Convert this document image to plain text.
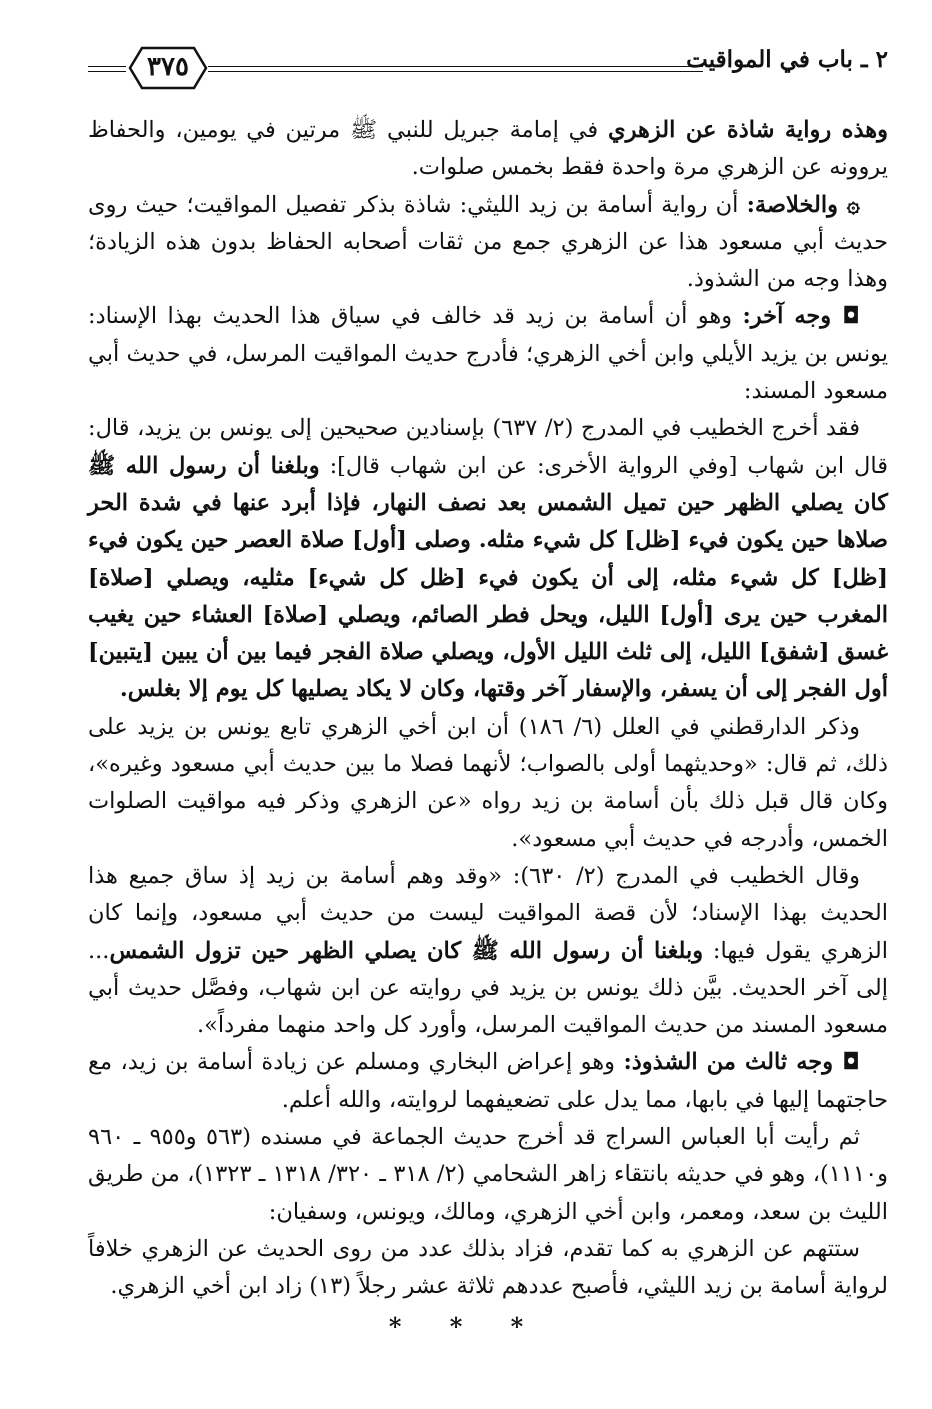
٢ ـ باب في المواقيت
٣٧٥

وهذه رواية شاذة عن الزهري في إمامة جبريل للنبي ﷺ مرتين في يومين، والحفاظ يروونه عن الزهري مرة واحدة فقط بخمس صلوات.

۞ والخلاصة: أن رواية أسامة بن زيد الليثي: شاذة بذكر تفصيل المواقيت؛ حيث روى حديث أبي مسعود هذا عن الزهري جمع من ثقات أصحابه الحفاظ بدون هذه الزيادة؛ وهذا وجه من الشذوذ.

◘ وجه آخر: وهو أن أسامة بن زيد قد خالف في سياق هذا الحديث بهذا الإسناد: يونس بن يزيد الأيلي وابن أخي الزهري؛ فأدرج حديث المواقيت المرسل، في حديث أبي مسعود المسند:

فقد أخرج الخطيب في المدرج (٢/ ٦٣٧) بإسنادين صحيحين إلى يونس بن يزيد، قال: قال ابن شهاب [وفي الرواية الأخرى: عن ابن شهاب قال]: وبلغنا أن رسول الله ﷺ كان يصلي الظهر حين تميل الشمس بعد نصف النهار، فإذا أبرد عنها في شدة الحر صلاها حين يكون فيء [ظل] كل شيء مثله. وصلى [أول] صلاة العصر حين يكون فيء [ظل] كل شيء مثله، إلى أن يكون فيء [ظل كل شيء] مثليه، ويصلي [صلاة] المغرب حين يرى [أول] الليل، ويحل فطر الصائم، ويصلي [صلاة] العشاء حين يغيب غسق [شفق] الليل، إلى ثلث الليل الأول، ويصلي صلاة الفجر فيما بين أن يبين [يتبين] أول الفجر إلى أن يسفر، والإسفار آخر وقتها، وكان لا يكاد يصليها كل يوم إلا بغلس.

وذكر الدارقطني في العلل (٦/ ١٨٦) أن ابن أخي الزهري تابع يونس بن يزيد على ذلك، ثم قال: «وحديثهما أولى بالصواب؛ لأنهما فصلا ما بين حديث أبي مسعود وغيره»، وكان قال قبل ذلك بأن أسامة بن زيد رواه «عن الزهري وذكر فيه مواقيت الصلوات الخمس، وأدرجه في حديث أبي مسعود».

وقال الخطيب في المدرج (٢/ ٦٣٠): «وقد وهم أسامة بن زيد إذ ساق جميع هذا الحديث بهذا الإسناد؛ لأن قصة المواقيت ليست من حديث أبي مسعود، وإنما كان الزهري يقول فيها: وبلغنا أن رسول الله ﷺ كان يصلي الظهر حين تزول الشمس... إلى آخر الحديث. بيَّن ذلك يونس بن يزيد في روايته عن ابن شهاب، وفصَّل حديث أبي مسعود المسند من حديث المواقيت المرسل، وأورد كل واحد منهما مفرداً».

◘ وجه ثالث من الشذوذ: وهو إعراض البخاري ومسلم عن زيادة أسامة بن زيد، مع حاجتهما إليها في بابها، مما يدل على تضعيفهما لروايته، والله أعلم.

ثم رأيت أبا العباس السراج قد أخرج حديث الجماعة في مسنده (٥٦٣ و٩٥٥ ـ ٩٦٠ و١١١٠)، وهو في حديثه بانتقاء زاهر الشحامي (٢/ ٣١٨ ـ ٣٢٠/ ١٣١٨ ـ ١٣٢٣)، من طريق الليث بن سعد، ومعمر، وابن أخي الزهري، ومالك، ويونس، وسفيان:

ستتهم عن الزهري به كما تقدم، فزاد بذلك عدد من روى الحديث عن الزهري خلافاً لرواية أسامة بن زيد الليثي، فأصبح عددهم ثلاثة عشر رجلاً (١٣) زاد ابن أخي الزهري.

* * *
